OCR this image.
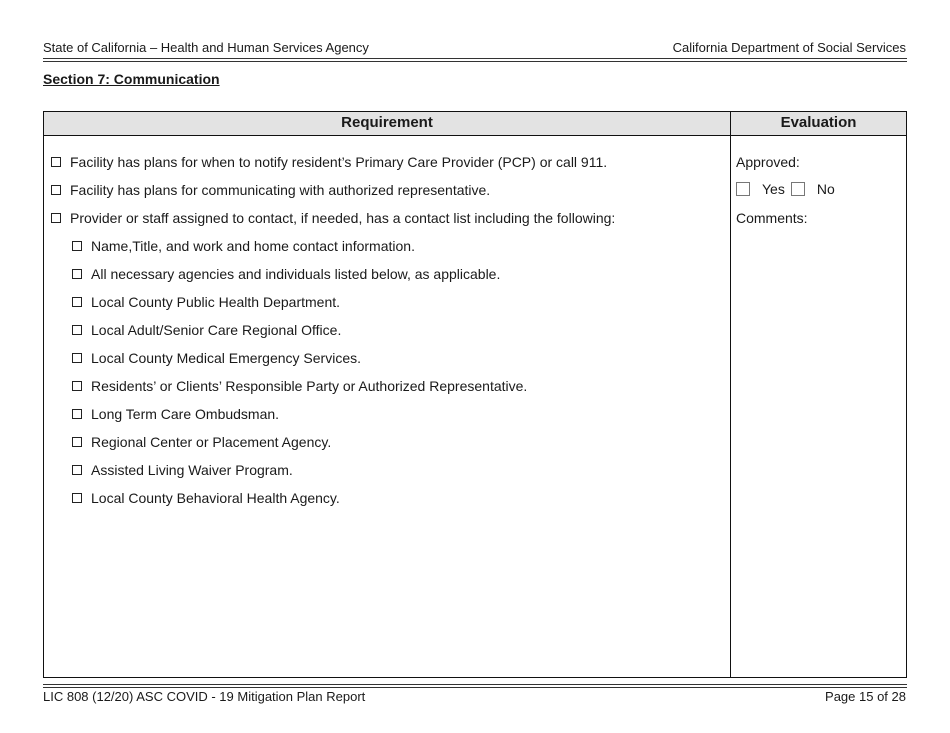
State of California – Health and Human Services Agency	California Department of Social Services
Section 7: Communication
Requirement	Evaluation
Facility has plans for when to notify resident’s Primary Care Provider (PCP) or call 911.
Facility has plans for communicating with authorized representative.
Provider or staff assigned to contact, if needed, has a contact list including the following:
Name,Title, and work and home contact information.
All necessary agencies and individuals listed below, as applicable.
Local County Public Health Department.
Local Adult/Senior Care Regional Office.
Local County Medical Emergency Services.
Residents’ or Clients’ Responsible Party or Authorized Representative.
Long Term Care Ombudsman.
Regional Center or Placement Agency.
Assisted Living Waiver Program.
Local County Behavioral Health Agency.
Approved:
Yes No
Comments:
LIC 808 (12/20) ASC COVID - 19 Mitigation Plan Report	Page 15 of 28
